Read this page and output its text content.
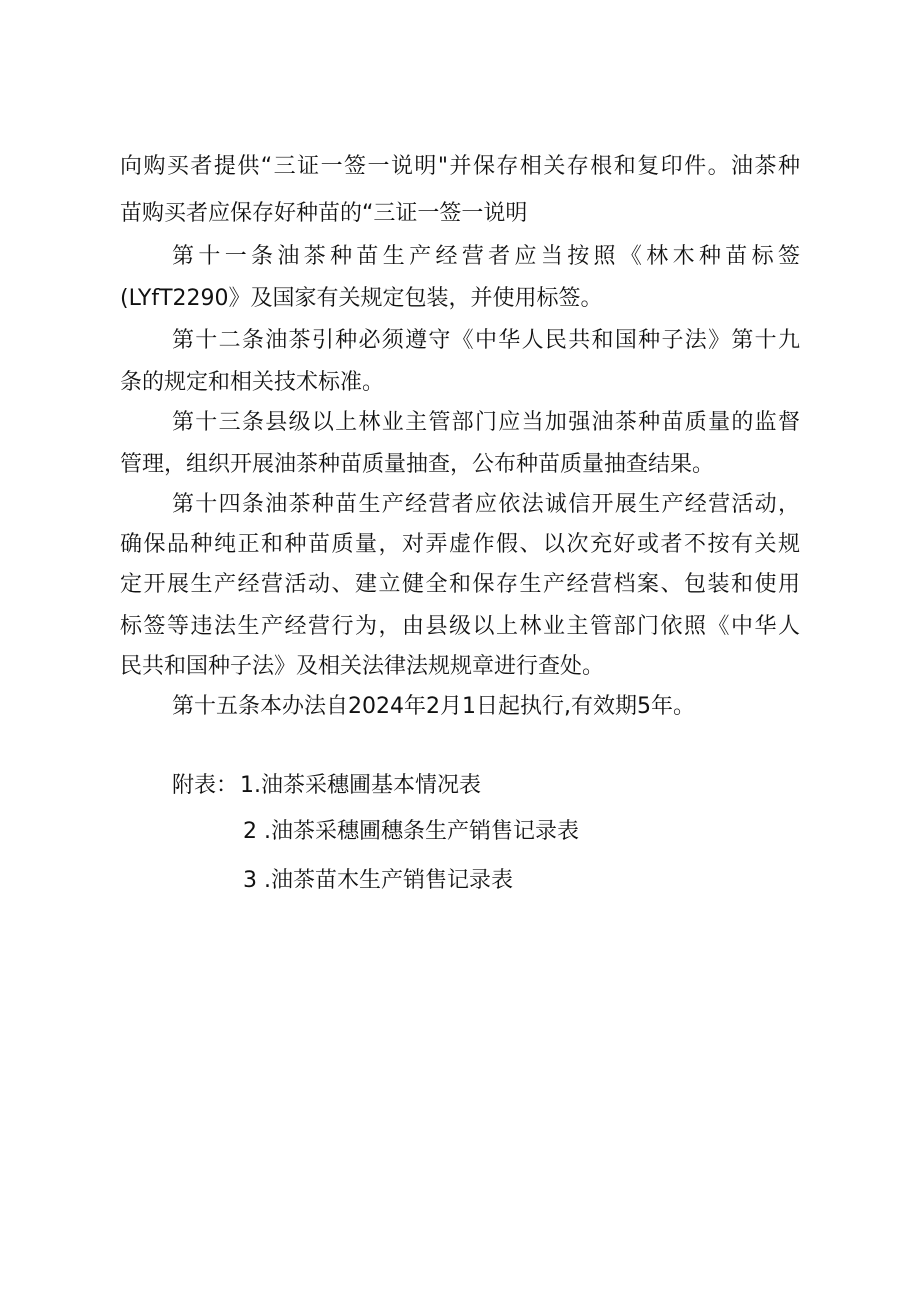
向购买者提供“三证一签一说明"并保存相关存根和复印件。油茶种
苗购买者应保存好种苗的“三证一签一说明
第十一条油茶种苗生产经营者应当按照《林木种苗标签
(LYfT2290》及国家有关规定包装，并使用标签。
第十二条油茶引种必须遵守《中华人民共和国种子法》第十九
条的规定和相关技术标准。
第十三条县级以上林业主管部门应当加强油茶种苗质量的监督
管理，组织开展油茶种苗质量抽查，公布种苗质量抽查结果。
第十四条油茶种苗生产经营者应依法诚信开展生产经营活动，
确保品种纯正和种苗质量，对弄虚作假、以次充好或者不按有关规
定开展生产经营活动、建立健全和保存生产经营档案、包装和使用
标签等违法生产经营行为，由县级以上林业主管部门依照《中华人
民共和国种子法》及相关法律法规规章进行查处。
第十五条本办法自2024年2月1日起执行,有效期5年。
附表： 1.油茶采穗圃基本情况表
2 .油茶采穗圃穗条生产销售记录表
3 .油茶苗木生产销售记录表
